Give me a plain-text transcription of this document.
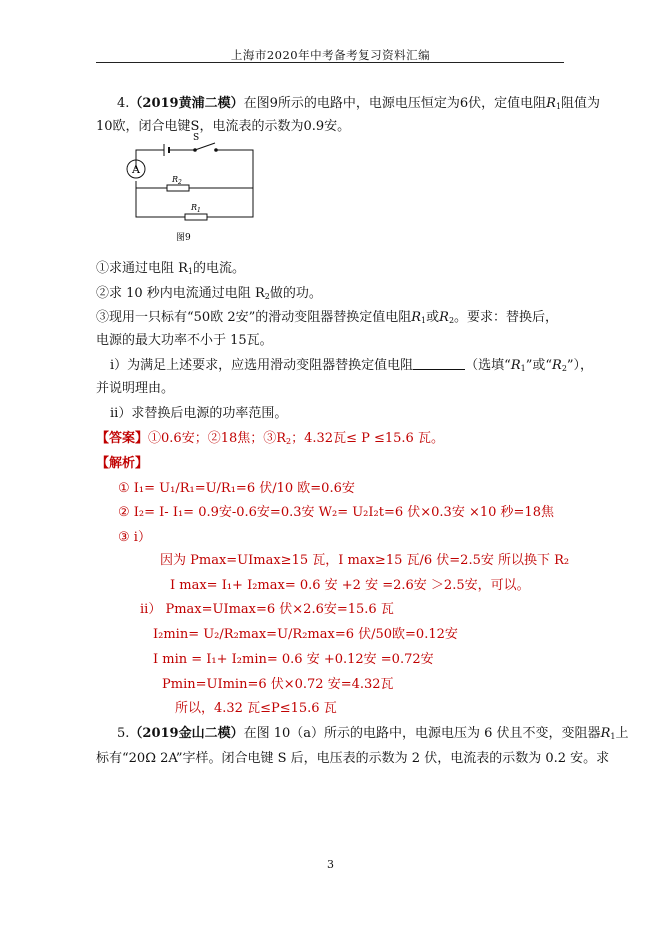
上海市2020年中考备考复习资料汇编
4.（2019黄浦二模）在图9所示的电路中，电源电压恒定为6伏，定值电阻$R_1$阻值为
10欧，闭合电键S，电流表的示数为0.9安。
A
S
$R_2$
$R_1$
图9
①求通过电阻 $R_1$的电流。
②求 10 秒内电流通过电阻 $R_2$做的功。
③现用一只标有“50欧 2安”的滑动变阻器替换定值电阻$R_1$或$R_2$。要求：替换后，
电源的最大功率不小于 15瓦。
i）为满足上述要求，应选用滑动变阻器替换定值电阻	（选填“$R_1$”或“$R_2$”），
并说明理由。
ii）求替换后电源的功率范围。
【答案】①0.6安；②18焦；$③R_2$；4.32瓦≤ P ≤15.6 瓦。
【解析】
① I₁= U₁/R₁=U/R₁=6 伏/10 欧=0.6安
② I₂= I- I₁= 0.9安-0.6安=0.3安 W₂= U₂I₂t=6 伏×0.3安 ×10 秒=18焦
③ i）
因为 Pmax=UImax≥15 瓦，I max≥15 瓦/6 伏=2.5安 所以换下 R₂
I max= I₁+ I₂max= 0.6 安 +2 安 =2.6安 ＞2.5安，可以。
ii） Pmax=UImax=6 伏×2.6安=15.6 瓦
I₂min= U₂/R₂max=U/R₂max=6 伏/50欧=0.12安
I min = I₁+ I₂min= 0.6 安 +0.12安 =0.72安
Pmin=UImin=6 伏×0.72 安=4.32瓦
所以，4.32 瓦≤P≤15.6 瓦
5.（2019金山二模）在图 10（a）所示的电路中，电源电压为 6 伏且不变，变阻器$R_1$上
标有“20Ω 2A”字样。闭合电键 S 后，电压表的示数为 2 伏，电流表的示数为 0.2 安。求
3
